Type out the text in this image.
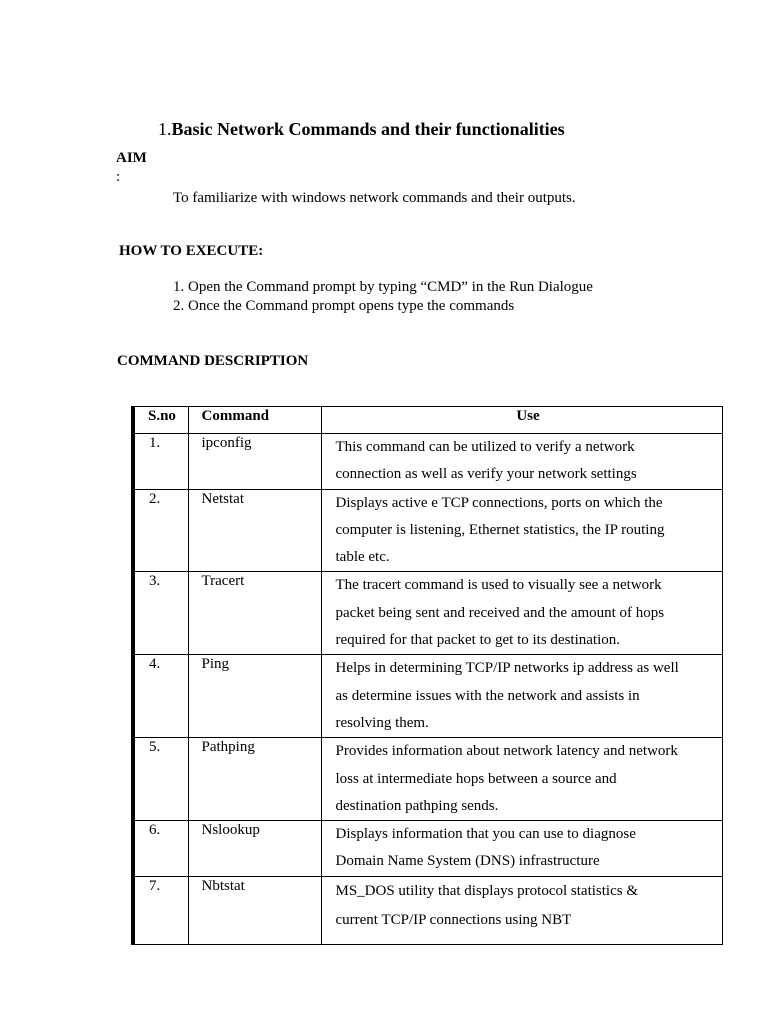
1.Basic Network Commands and their functionalities
AIM
:
To familiarize with windows network commands and their outputs.
HOW TO EXECUTE:
1. Open the Command prompt by typing “CMD” in the Run Dialogue
2. Once the Command prompt opens type the commands
COMMAND DESCRIPTION
S.no	Command	Use
1.	ipconfig	This command can be utilized to verify a network
connection as well as verify your network settings

2.	Netstat	Displays active e TCP connections, ports on which the
computer is listening, Ethernet statistics, the IP routing
table etc.

3.	Tracert	The tracert command is used to visually see a network
packet being sent and received and the amount of hops
required for that packet to get to its destination.

4.	Ping	Helps in determining TCP/IP networks ip address as well
as determine issues with the network and assists in
resolving them.

5.	Pathping	Provides information about network latency and network
loss at intermediate hops between a source and
destination pathping sends.

6.	Nslookup	Displays information that you can use to diagnose
Domain Name System (DNS) infrastructure

7.	Nbtstat	MS_DOS utility that displays protocol statistics &
current TCP/IP connections using NBT
